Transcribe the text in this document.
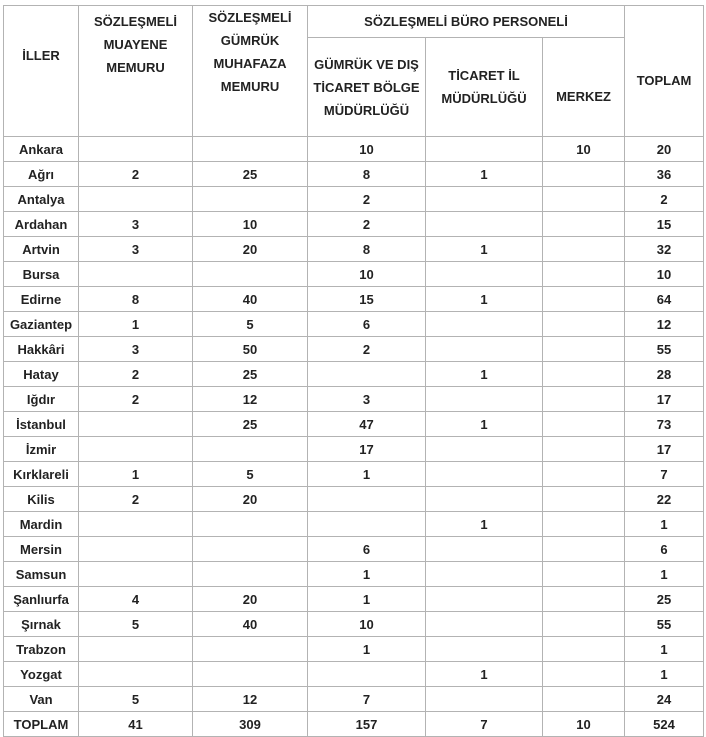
İLLER	SÖZLEŞMELİ MUAYENE MEMURU	SÖZLEŞMELİ GÜMRÜK MUHAFAZA MEMURU	SÖZLEŞMELİ BÜRO PERSONELİ			TOPLAM
			GÜMRÜK VE DIŞ TİCARET BÖLGE MÜDÜRLÜĞÜ	TİCARET İL MÜDÜRLÜĞÜ	MERKEZ	
Ankara			10		10	20
Ağrı	2	25	8	1		36
Antalya			2			2
Ardahan	3	10	2			15
Artvin	3	20	8	1		32
Bursa			10			10
Edirne	8	40	15	1		64
Gaziantep	1	5	6			12
Hakkâri	3	50	2			55
Hatay	2	25		1		28
Iğdır	2	12	3			17
İstanbul		25	47	1		73
İzmir			17			17
Kırklareli	1	5	1			7
Kilis	2	20				22
Mardin				1		1
Mersin			6			6
Samsun			1			1
Şanlıurfa	4	20	1			25
Şırnak	5	40	10			55
Trabzon			1			1
Yozgat				1		1
Van	5	12	7			24
TOPLAM	41	309	157	7	10	524
